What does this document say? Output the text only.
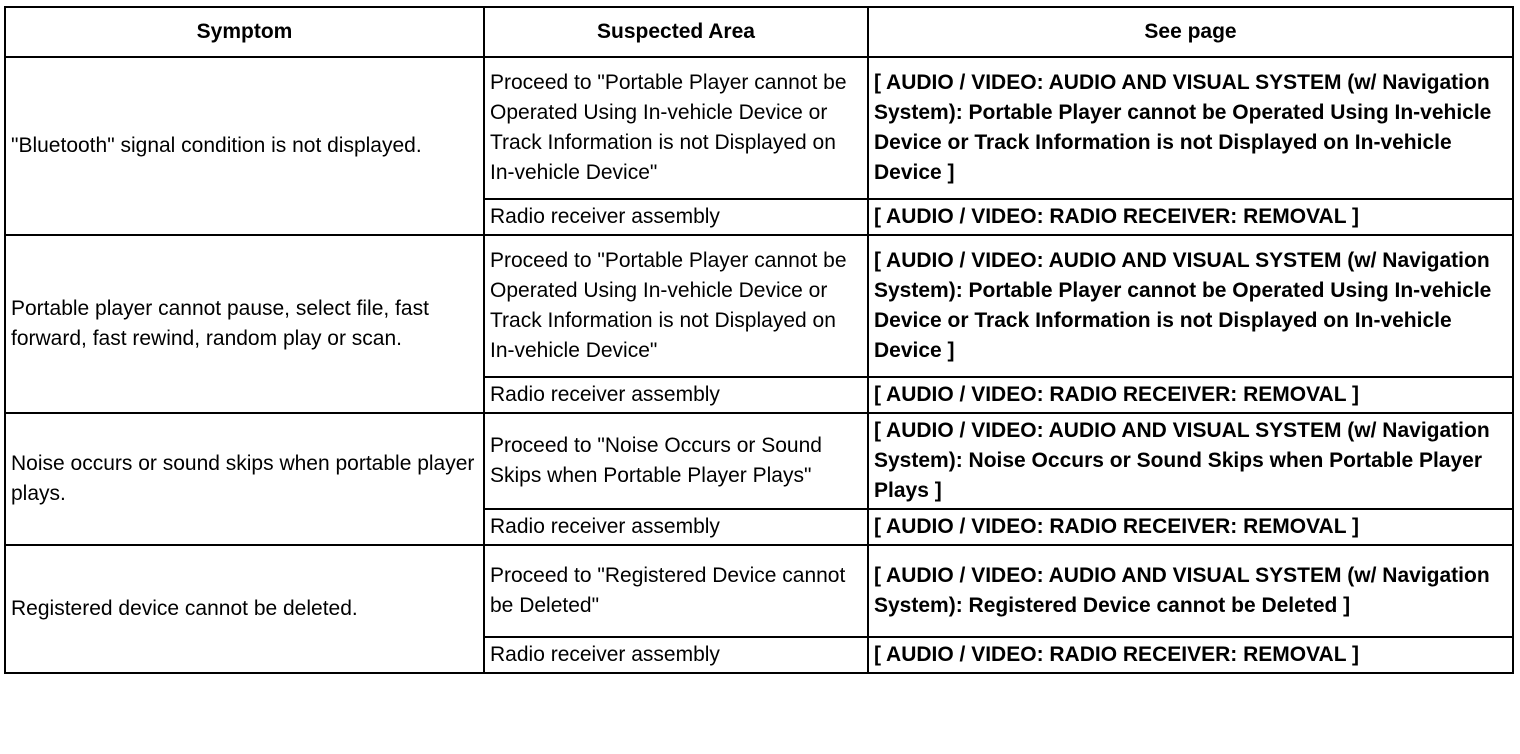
Symptom	Suspected Area	See page
"Bluetooth" signal condition is not displayed.	Proceed to "Portable Player cannot be Operated Using In-vehicle Device or Track Information is not Displayed on In-vehicle Device"	[ AUDIO / VIDEO: AUDIO AND VISUAL SYSTEM (w/ Navigation System): Portable Player cannot be Operated Using In-vehicle Device or Track Information is not Displayed on In-vehicle Device ]
	Radio receiver assembly	[ AUDIO / VIDEO: RADIO RECEIVER: REMOVAL ]
Portable player cannot pause, select file, fast forward, fast rewind, random play or scan.	Proceed to "Portable Player cannot be Operated Using In-vehicle Device or Track Information is not Displayed on In-vehicle Device"	[ AUDIO / VIDEO: AUDIO AND VISUAL SYSTEM (w/ Navigation System): Portable Player cannot be Operated Using In-vehicle Device or Track Information is not Displayed on In-vehicle Device ]
	Radio receiver assembly	[ AUDIO / VIDEO: RADIO RECEIVER: REMOVAL ]
Noise occurs or sound skips when portable player plays.	Proceed to "Noise Occurs or Sound Skips when Portable Player Plays"	[ AUDIO / VIDEO: AUDIO AND VISUAL SYSTEM (w/ Navigation System): Noise Occurs or Sound Skips when Portable Player Plays ]
	Radio receiver assembly	[ AUDIO / VIDEO: RADIO RECEIVER: REMOVAL ]
Registered device cannot be deleted.	Proceed to "Registered Device cannot be Deleted"	[ AUDIO / VIDEO: AUDIO AND VISUAL SYSTEM (w/ Navigation System): Registered Device cannot be Deleted ]
	Radio receiver assembly	[ AUDIO / VIDEO: RADIO RECEIVER: REMOVAL ]
